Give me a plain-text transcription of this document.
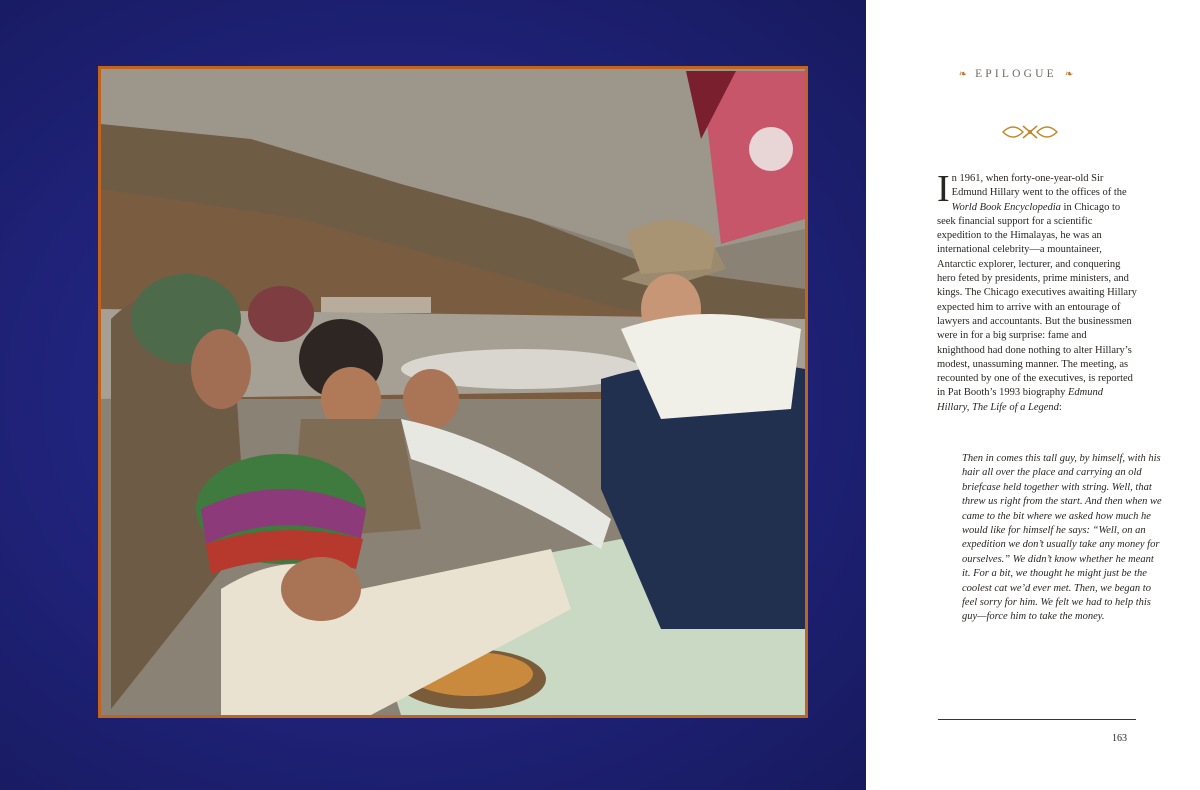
❧ EPILOGUE ❧
In 1961, when forty-one-year-old Sir Edmund Hillary went to the offices of the World Book Encyclopedia in Chicago to seek financial support for a scientific expedition to the Himalayas, he was an international celebrity—a mountaineer, Antarctic explorer, lecturer, and conquering hero feted by presidents, prime ministers, and kings. The Chicago executives awaiting Hillary expected him to arrive with an entourage of lawyers and accountants. But the businessmen were in for a big surprise: fame and knighthood had done nothing to alter Hillary’s modest, unassuming manner. The meeting, as recounted by one of the executives, is reported in Pat Booth’s 1993 biography Edmund Hillary, The Life of a Legend:
Then in comes this tall guy, by himself, with his hair all over the place and carrying an old briefcase held together with string. Well, that threw us right from the start. And then when we came to the bit where we asked how much he would like for himself he says: “Well, on an expedition we don’t usually take any money for ourselves.” We didn’t know whether he meant it. For a bit, we thought he might just be the coolest cat we’d ever met. Then, we began to feel sorry for him. We felt we had to help this guy—force him to take the money.
163
